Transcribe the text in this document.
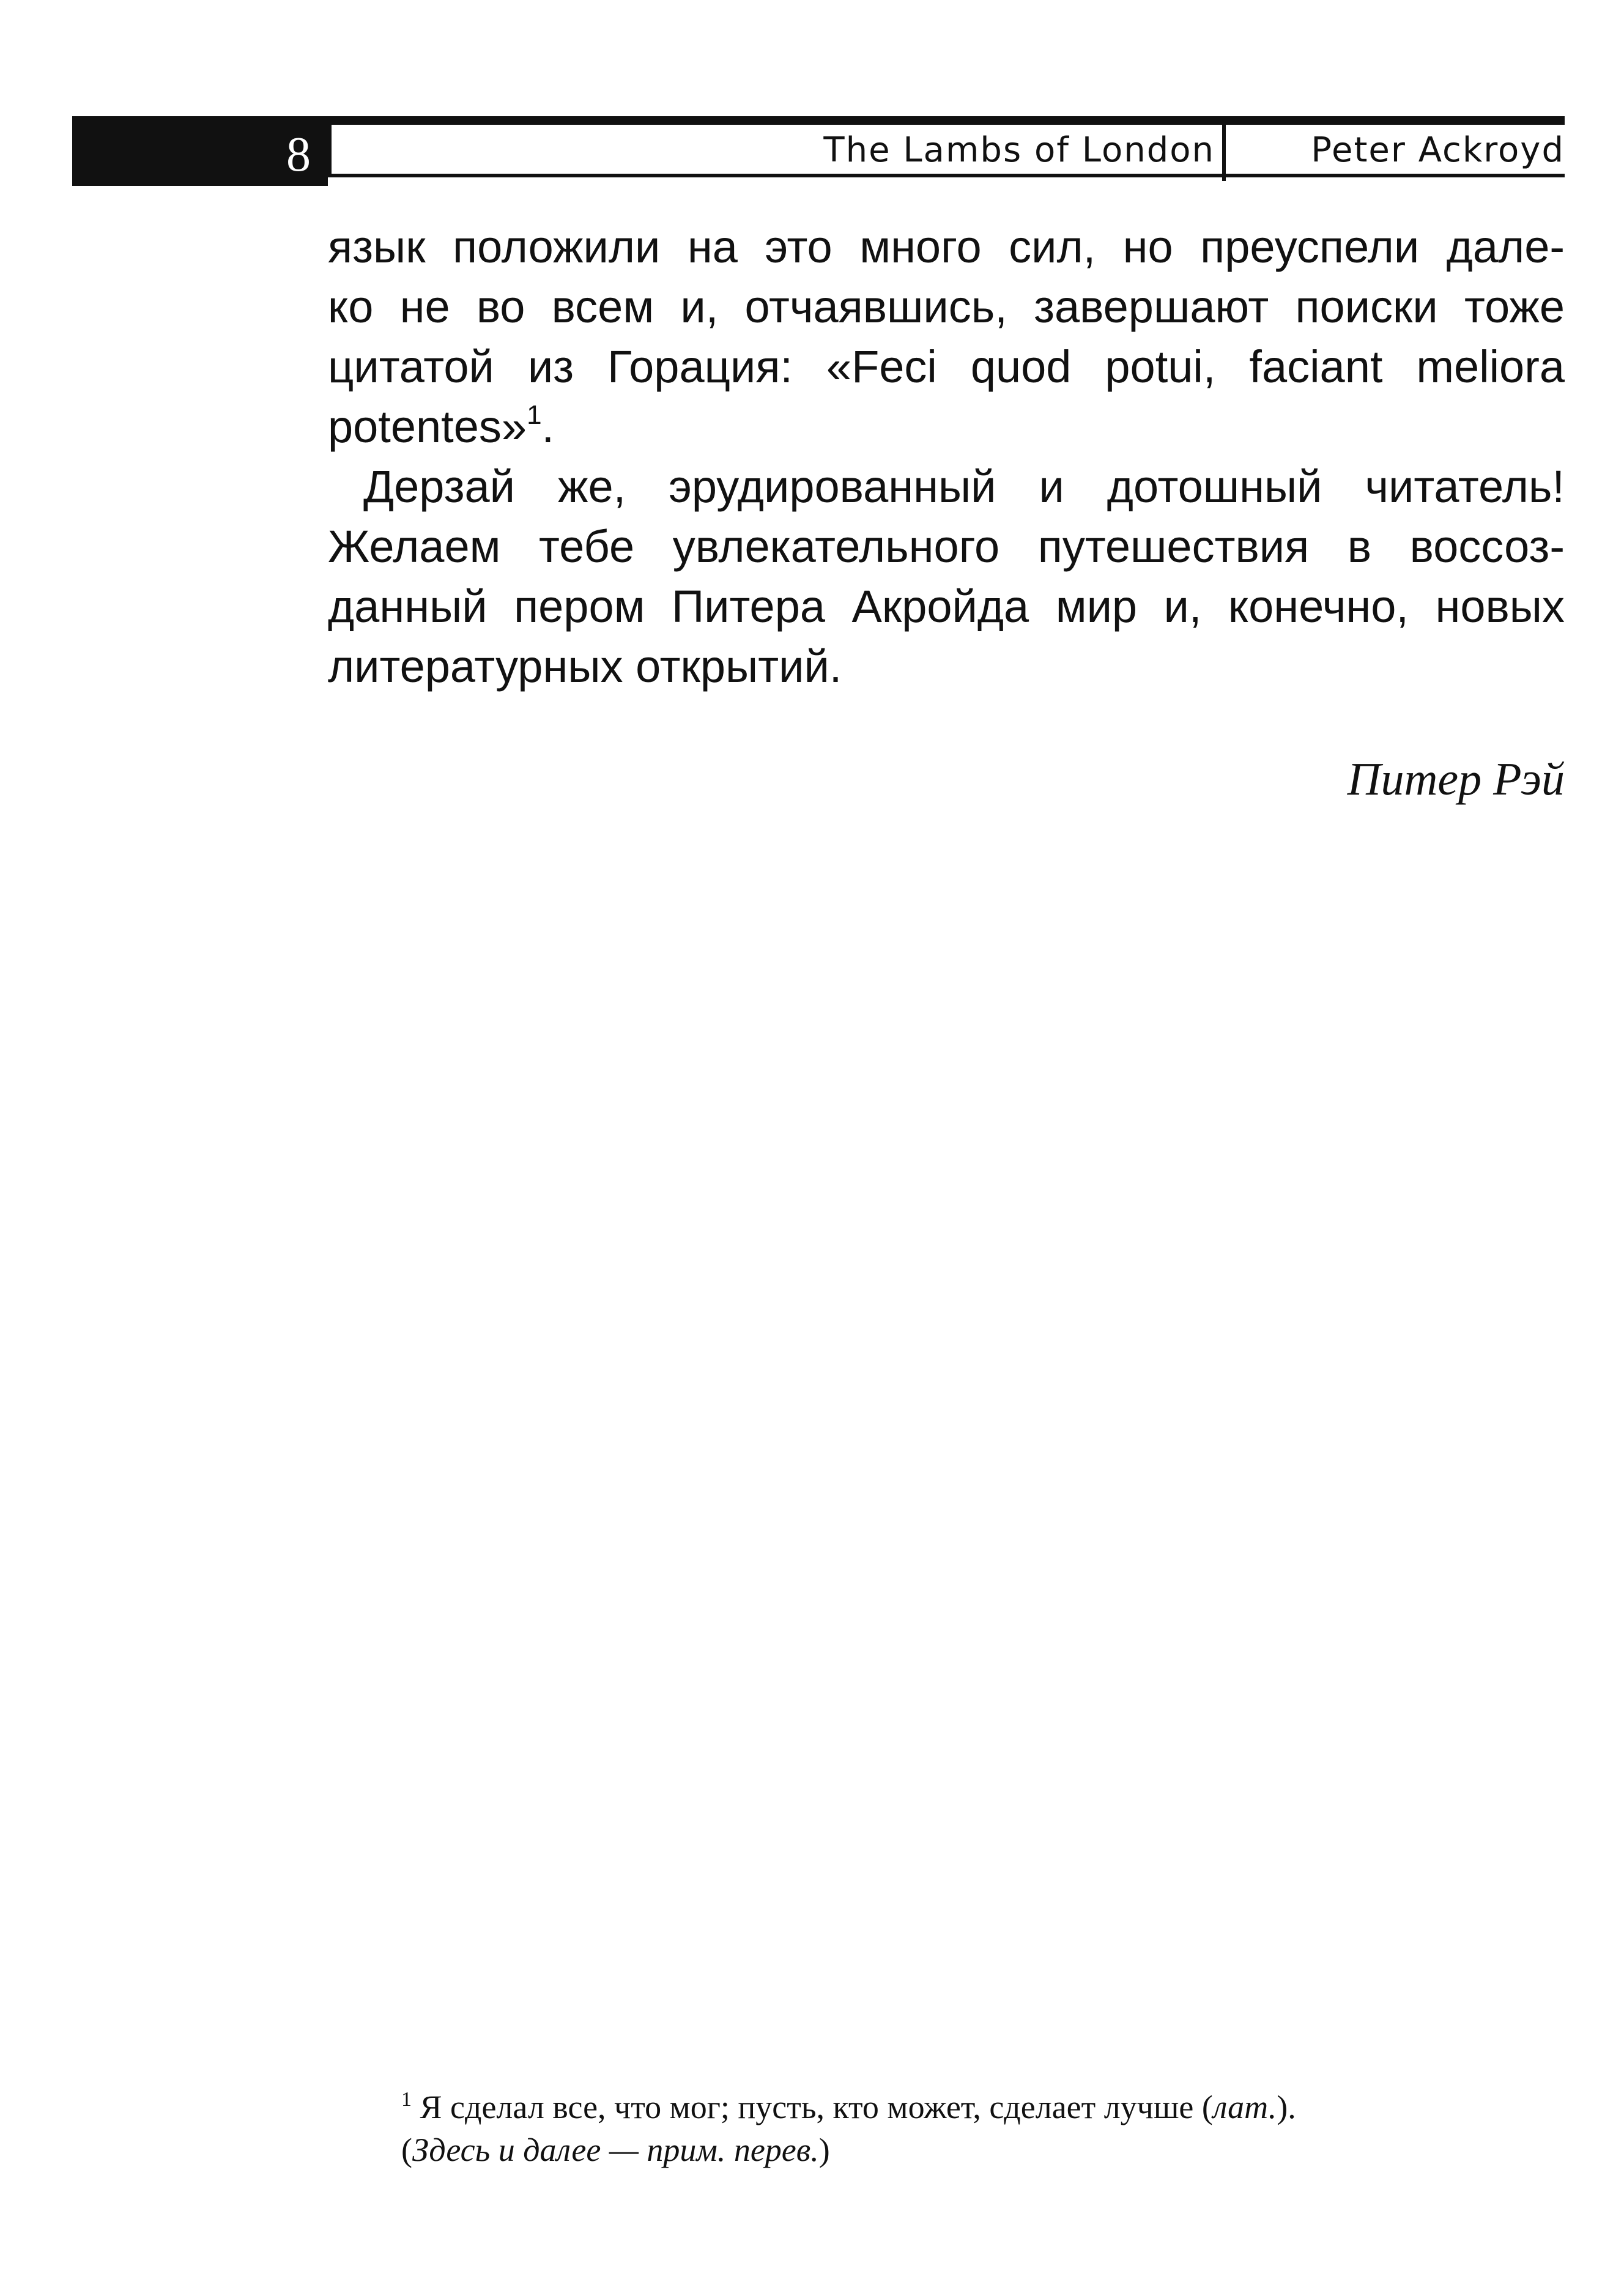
8	The Lambs of London	Peter Ackroyd

язык положили на это много сил, но преуспели дале-
ко не во всем и, отчаявшись, завершают поиски тоже
цитатой из Горация: «Feci quod potui, faciant meliora
potentes»$^1$.

Дерзай же, эрудированный и дотошный читатель!
Желаем тебе увлекательного путешествия в воссоз-
данный пером Питера Акройда мир и, конечно, новых
литературных открытий.

Питер Рэй
$^1$ Я сделал все, что мог; пусть, кто может, сделает лучше (лат.).
(Здесь и далее — прим. перев.)
